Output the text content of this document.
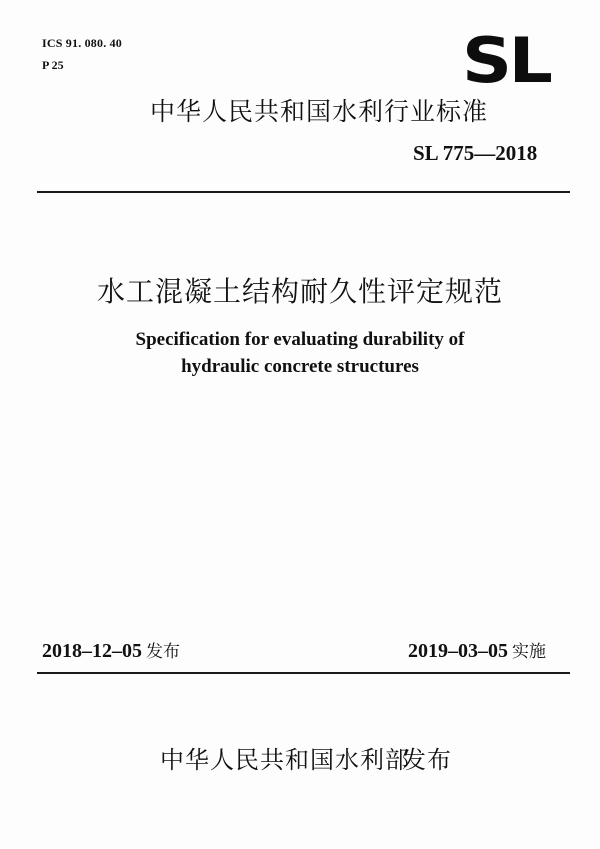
ICS 91. 080. 40
P 25	SL
中华人民共和国水利行业标准
SL 775—2018
水工混凝土结构耐久性评定规范
Specification for evaluating durability of
hydraulic concrete structures
2018–12–05 发布	2019–03–05 实施
中华人民共和国水利部
发布
